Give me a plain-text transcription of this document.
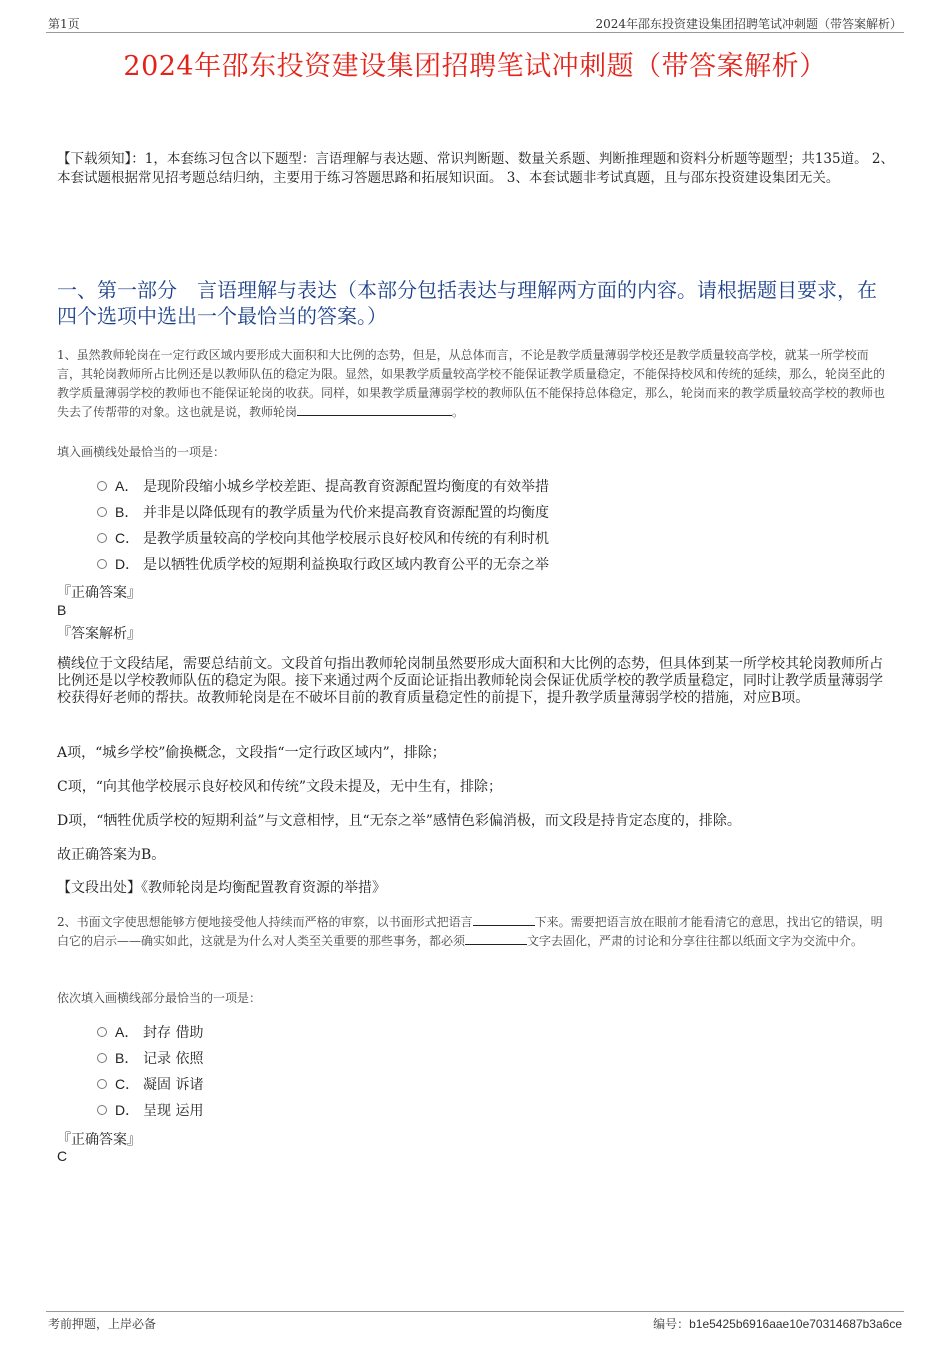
第1页	2024年邵东投资建设集团招聘笔试冲刺题（带答案解析）
2024年邵东投资建设集团招聘笔试冲刺题（带答案解析）
【下载须知】：1，本套练习包含以下题型：言语理解与表达题、常识判断题、数量关系题、判断推理题和资料分析题等题型；共135道。 2、本套试题根据常见招考题总结归纳，主要用于练习答题思路和拓展知识面。 3、本套试题非考试真题，且与邵东投资建设集团无关。
一、第一部分　言语理解与表达（本部分包括表达与理解两方面的内容。请根据题目要求，在四个选项中选出一个最恰当的答案。）
1、虽然教师轮岗在一定行政区域内要形成大面积和大比例的态势，但是，从总体而言，不论是教学质量薄弱学校还是教学质量较高学校，就某一所学校而言，其轮岗教师所占比例还是以教师队伍的稳定为限。显然，如果教学质量较高学校不能保证教学质量稳定，不能保持校风和传统的延续，那么，轮岗至此的教学质量薄弱学校的教师也不能保证轮岗的收获。同样，如果教学质量薄弱学校的教师队伍不能保持总体稳定，那么，轮岗而来的教学质量较高学校的教师也失去了传帮带的对象。这也就是说，教师轮岗	。
填入画横线处最恰当的一项是：
A． 是现阶段缩小城乡学校差距、提高教育资源配置均衡度的有效举措
B． 并非是以降低现有的教学质量为代价来提高教育资源配置的均衡度
C． 是教学质量较高的学校向其他学校展示良好校风和传统的有利时机
D． 是以牺牲优质学校的短期利益换取行政区域内教育公平的无奈之举
『正确答案』
B
『答案解析』
横线位于文段结尾，需要总结前文。文段首句指出教师轮岗制虽然要形成大面积和大比例的态势，但具体到某一所学校其轮岗教师所占比例还是以学校教师队伍的稳定为限。接下来通过两个反面论证指出教师轮岗会保证优质学校的教学质量稳定，同时让教学质量薄弱学校获得好老师的帮扶。故教师轮岗是在不破坏目前的教育质量稳定性的前提下，提升教学质量薄弱学校的措施，对应B项。
A项，“城乡学校”偷换概念，文段指“一定行政区域内”，排除；
C项，“向其他学校展示良好校风和传统”文段未提及，无中生有，排除；
D项，“牺牲优质学校的短期利益”与文意相悖，且“无奈之举”感情色彩偏消极，而文段是持肯定态度的，排除。
故正确答案为B。
【文段出处】《教师轮岗是均衡配置教育资源的举措》
2、书面文字使思想能够方便地接受他人持续而严格的审察，以书面形式把语言	下来。需要把语言放在眼前才能看清它的意思，找出它的错误，明白它的启示——确实如此，这就是为什么对人类至关重要的那些事务，都必须	文字去固化，严肃的讨论和分享往往都以纸面文字为交流中介。
依次填入画横线部分最恰当的一项是：
A． 封存 借助
B． 记录 依照
C． 凝固 诉诸
D． 呈现 运用
『正确答案』
C
考前押题，上岸必备	编号：b1e5425b6916aae10e70314687b3a6ce
